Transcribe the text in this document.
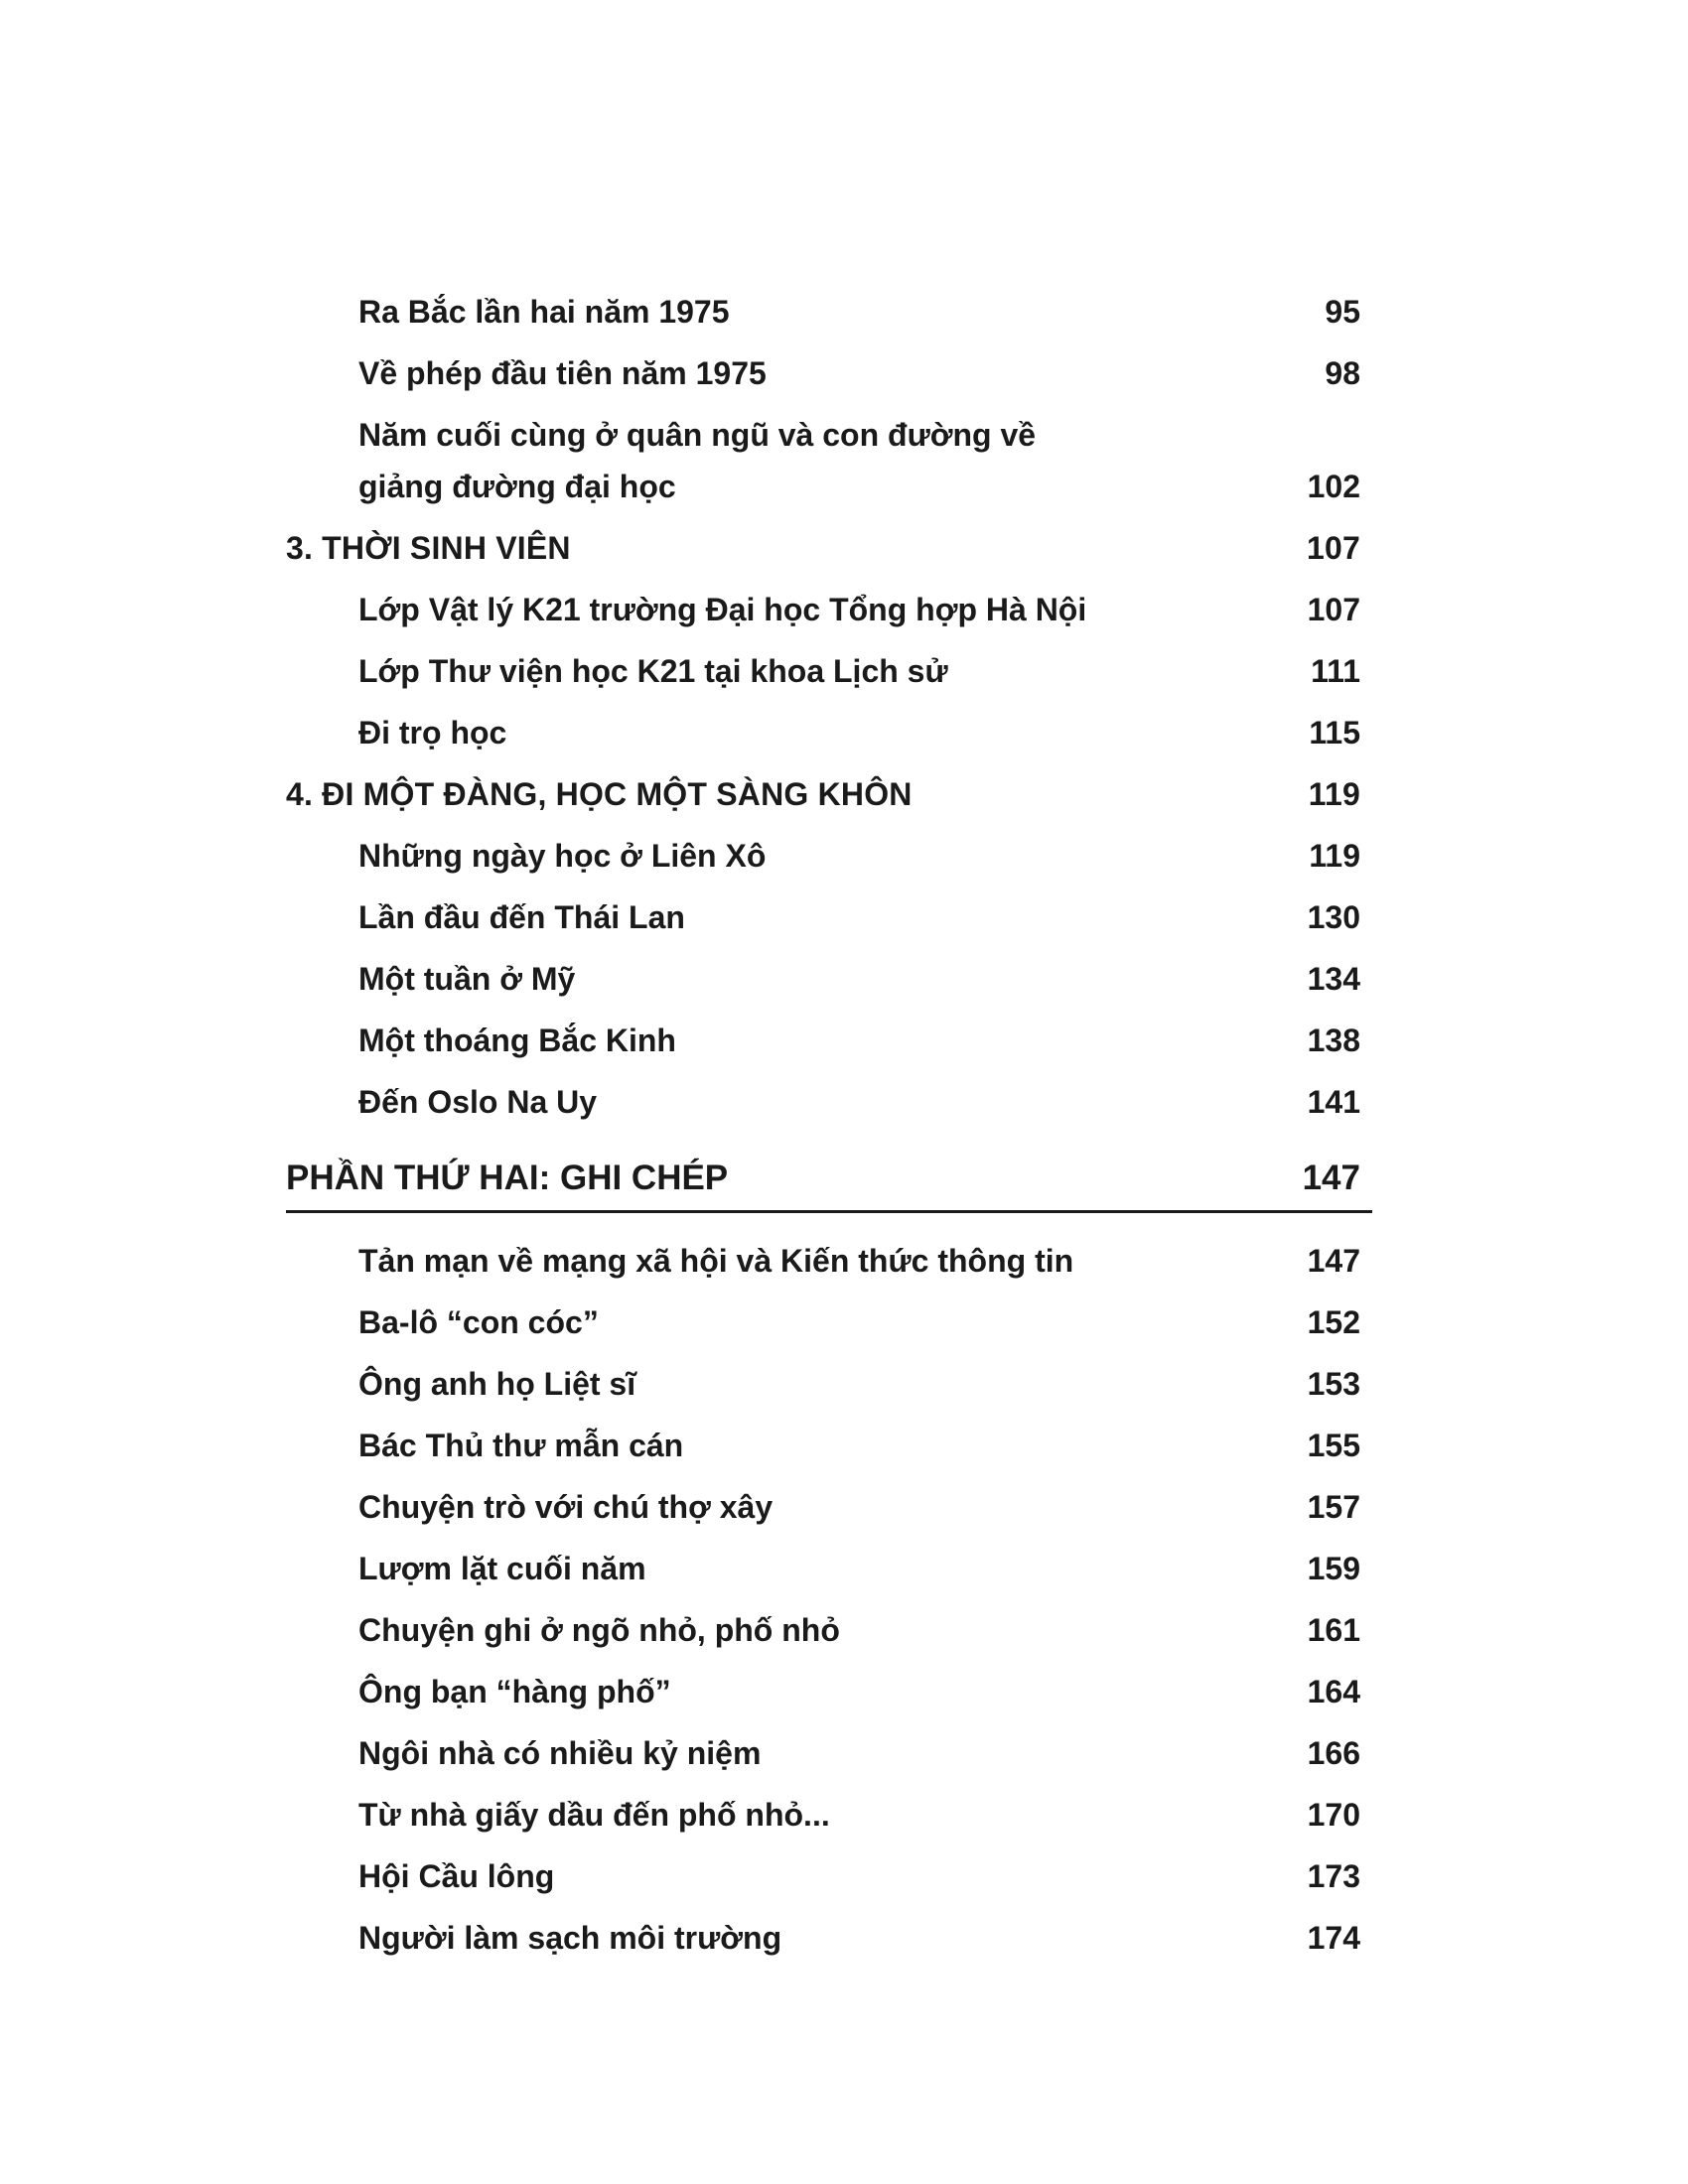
Ra Bắc lần hai năm 1975	95
Về phép đầu tiên năm 1975	98
Năm cuối cùng ở quân ngũ và con đường về
giảng đường đại học	102
3. THỜI SINH VIÊN	107
Lớp Vật lý K21 trường Đại học Tổng hợp Hà Nội	107
Lớp Thư viện học K21 tại khoa Lịch sử	111
Đi trọ học	115
4. ĐI MỘT ĐÀNG, HỌC MỘT SÀNG KHÔN	119
Những ngày học ở Liên Xô	119
Lần đầu đến Thái Lan	130
Một tuần ở Mỹ	134
Một thoáng Bắc Kinh	138
Đến Oslo Na Uy	141
PHẦN THỨ HAI: GHI CHÉP	147
Tản mạn về mạng xã hội và Kiến thức thông tin	147
Ba-lô “con cóc”	152
Ông anh họ Liệt sĩ	153
Bác Thủ thư mẫn cán	155
Chuyện trò với chú thợ xây	157
Lượm lặt cuối năm	159
Chuyện ghi ở ngõ nhỏ, phố nhỏ	161
Ông bạn “hàng phố”	164
Ngôi nhà có nhiều kỷ niệm	166
Từ nhà giấy dầu đến phố nhỏ...	170
Hội Cầu lông	173
Người làm sạch môi trường	174
